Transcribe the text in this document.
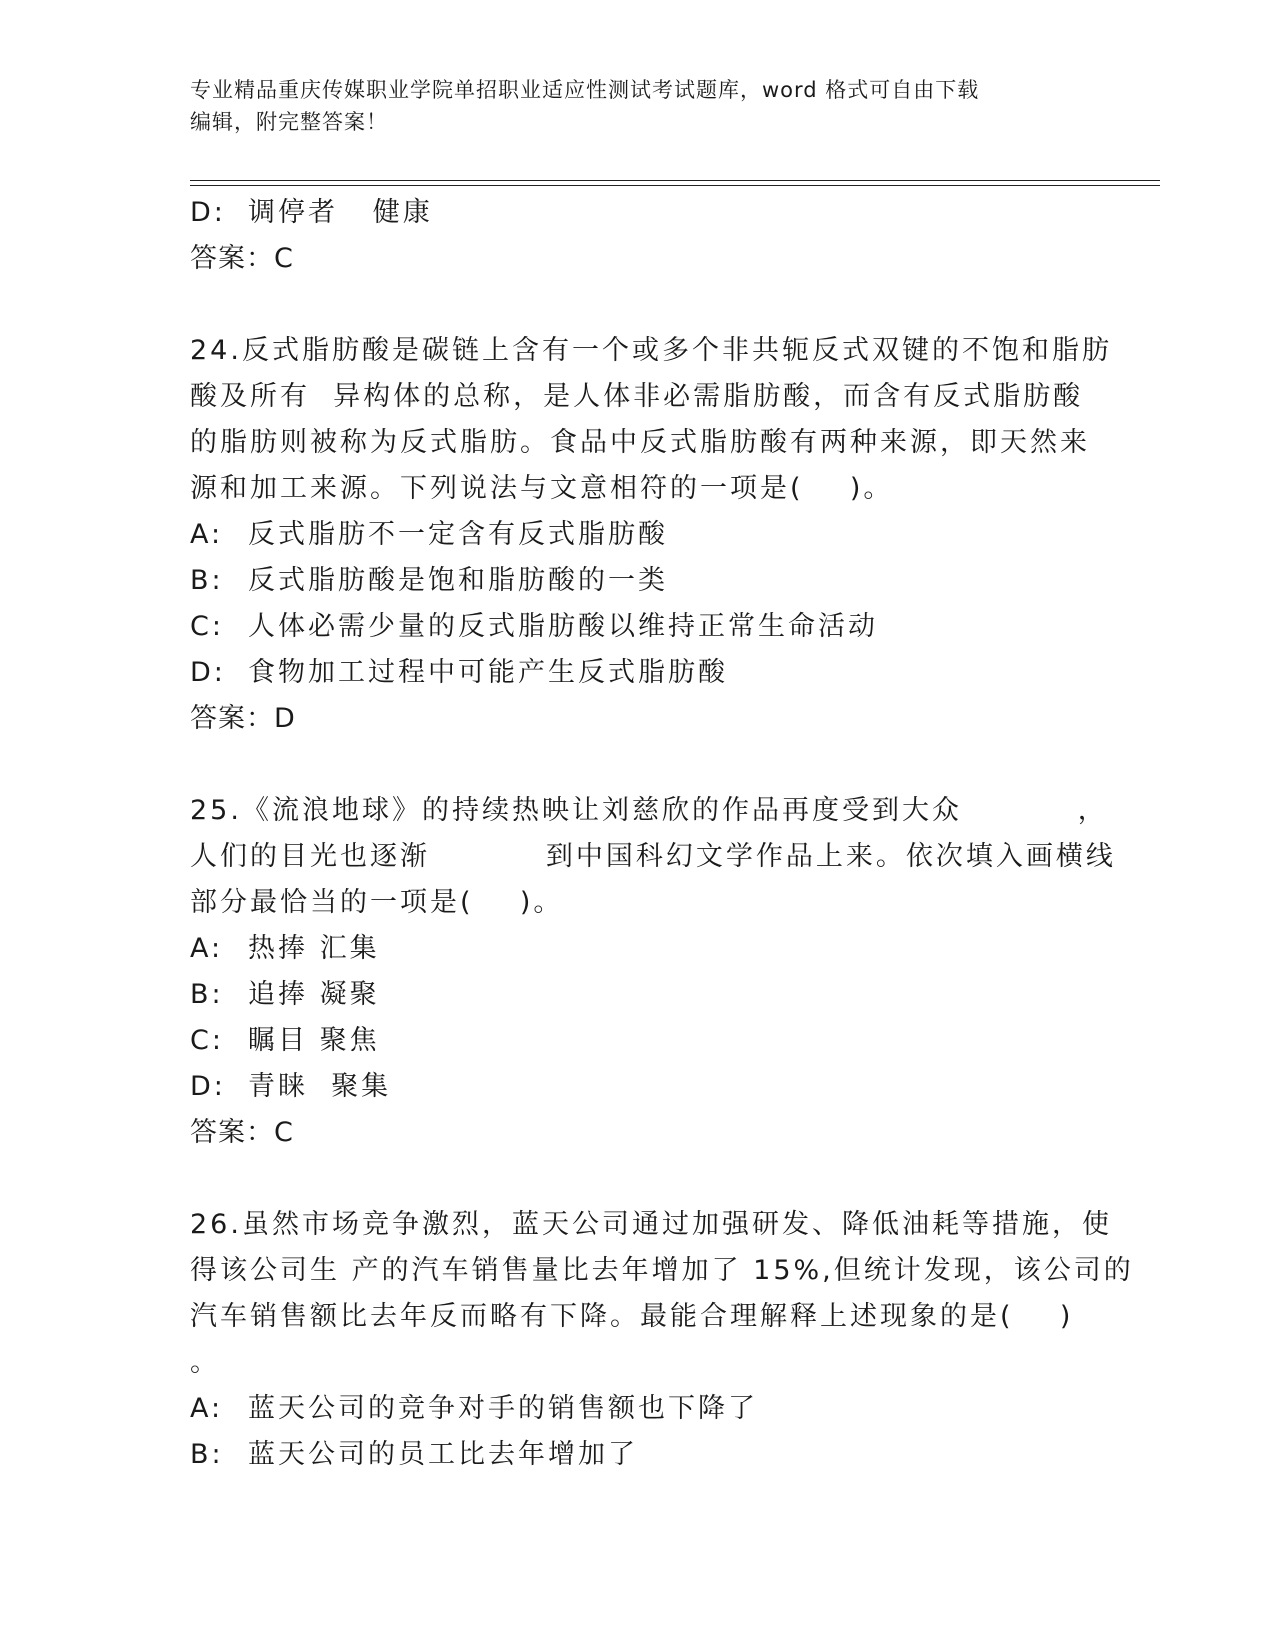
专业精品重庆传媒职业学院单招职业适应性测试考试题库，word 格式可自由下载
编辑，附完整答案！
D: 调停者   健康
答案：C
24.反式脂肪酸是碳链上含有一个或多个非共轭反式双键的不饱和脂肪
酸及所有  异构体的总称，是人体非必需脂肪酸，而含有反式脂肪酸
的脂肪则被称为反式脂肪。食品中反式脂肪酸有两种来源，即天然来
源和加工来源。下列说法与文意相符的一项是(    )。
A: 反式脂肪不一定含有反式脂肪酸
B: 反式脂肪酸是饱和脂肪酸的一类
C: 人体必需少量的反式脂肪酸以维持正常生命活动
D: 食物加工过程中可能产生反式脂肪酸
答案：D
25.《流浪地球》的持续热映让刘慈欣的作品再度受到大众          ，
人们的目光也逐渐          到中国科幻文学作品上来。依次填入画横线
部分最恰当的一项是(    )。
A: 热捧 汇集
B: 追捧 凝聚
C: 瞩目 聚焦
D: 青睐  聚集
答案：C
26.虽然市场竞争激烈，蓝天公司通过加强研发、降低油耗等措施，使
得该公司生 产的汽车销售量比去年增加了 15%,但统计发现，该公司的
汽车销售额比去年反而略有下降。最能合理解释上述现象的是(    )
。
A: 蓝天公司的竞争对手的销售额也下降了
B: 蓝天公司的员工比去年增加了
